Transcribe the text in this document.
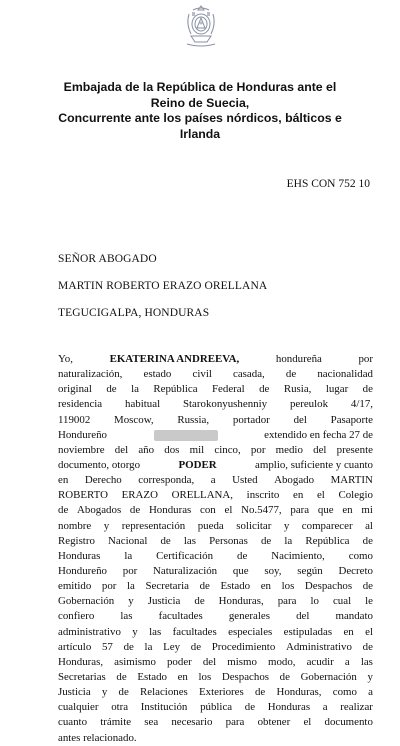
Embajada de la República de Honduras ante el
Reino de Suecia,
Concurrente ante los países nórdicos, bálticos e
Irlanda
EHS CON 752 10
SEÑOR ABOGADO
MARTIN ROBERTO ERAZO ORELLANA
TEGUCIGALPA, HONDURAS
Yo,	EKATERINA ANDREEVA,	hondureña	por
naturalización, estado civil casada, de nacionalidad
original de la República Federal de Rusia, lugar de
residencia habitual Starokonyushenniy pereulok 4/17,
119002 Moscow, Russia, portador del Pasaporte
Hondureño	extendido en fecha 27 de
noviembre del año dos mil cinco, por medio del presente
documento, otorgo	PODER	amplio, suficiente y cuanto
en Derecho corresponda, a Usted Abogado MARTIN
ROBERTO ERAZO ORELLANA, inscrito en el Colegio
de Abogados de Honduras con el No.5477, para que en mi
nombre y representación pueda solicitar y comparecer al
Registro Nacional de las Personas de la República de
Honduras la Certificación de Nacimiento, como
Hondureño por Naturalización que soy, según Decreto
emitido por la Secretaria de Estado en los Despachos de
Gobernación y Justicia de Honduras, para lo cual le
confiero las facultades generales del mandato
administrativo y las facultades especiales estipuladas en el
artículo 57 de la Ley de Procedimiento Administrativo de
Honduras, asimismo poder del mismo modo, acudir a las
Secretarias de Estado en los Despachos de Gobernación y
Justicia y de Relaciones Exteriores de Honduras, como a
cualquier otra Institución pública de Honduras a realizar
cuanto trámite sea necesario para obtener el documento
antes relacionado.
